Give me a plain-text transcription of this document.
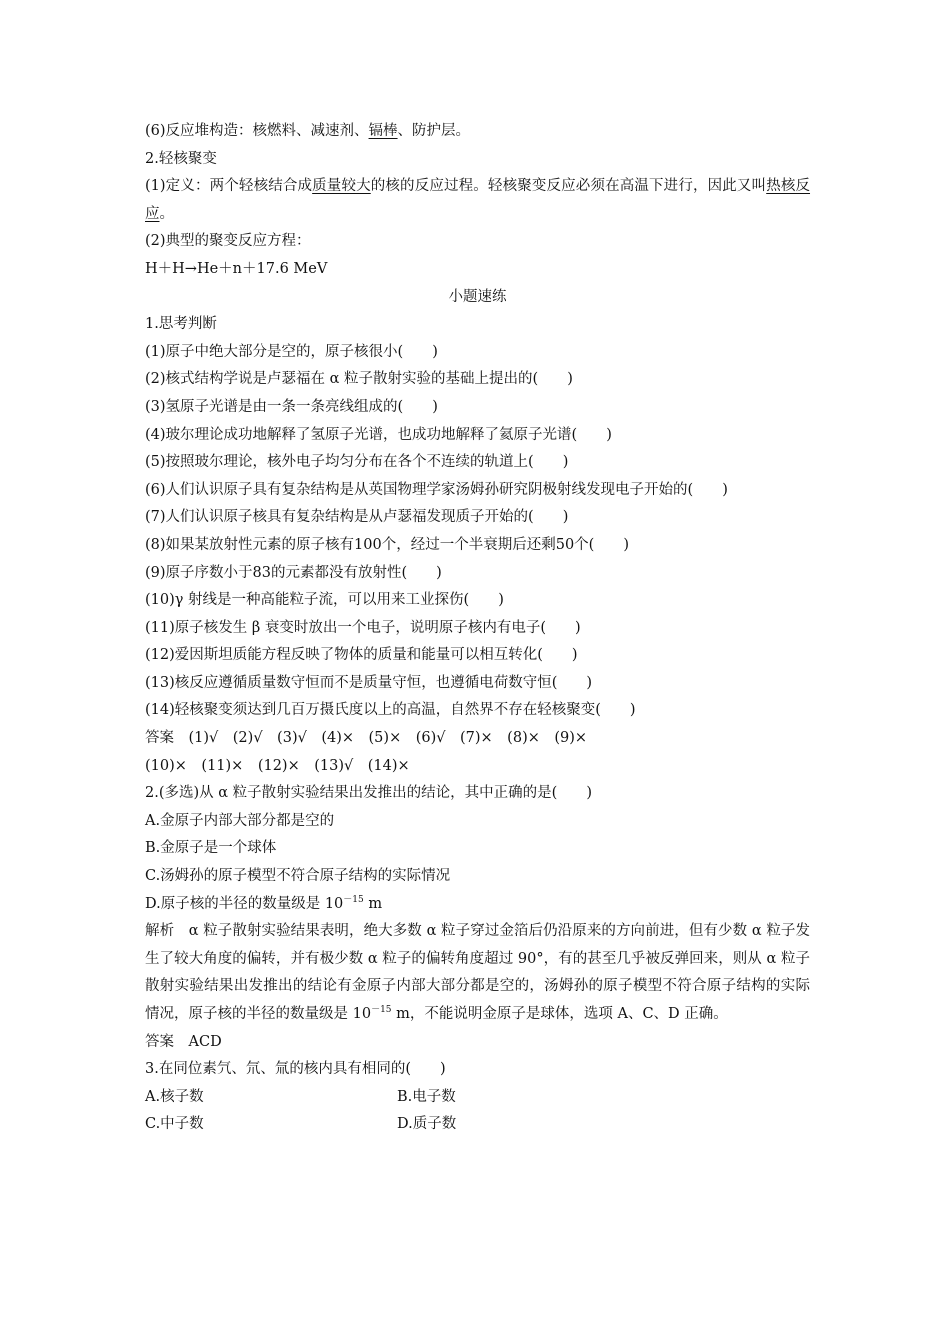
(6)反应堆构造：核燃料、减速剂、镉棒、防护层。
2.轻核聚变
(1)定义：两个轻核结合成质量较大的核的反应过程。轻核聚变反应必须在高温下进行，因此又叫热核反应。
(2)典型的聚变反应方程：
H＋H→He＋n＋17.6 MeV
小题速练
1.思考判断
(1)原子中绝大部分是空的，原子核很小(　　)
(2)核式结构学说是卢瑟福在 α 粒子散射实验的基础上提出的(　　)
(3)氢原子光谱是由一条一条亮线组成的(　　)
(4)玻尔理论成功地解释了氢原子光谱，也成功地解释了氦原子光谱(　　)
(5)按照玻尔理论，核外电子均匀分布在各个不连续的轨道上(　　)
(6)人们认识原子具有复杂结构是从英国物理学家汤姆孙研究阴极射线发现电子开始的(　　)
(7)人们认识原子核具有复杂结构是从卢瑟福发现质子开始的(　　)
(8)如果某放射性元素的原子核有100个，经过一个半衰期后还剩50个(　　)
(9)原子序数小于83的元素都没有放射性(　　)
(10)γ 射线是一种高能粒子流，可以用来工业探伤(　　)
(11)原子核发生 β 衰变时放出一个电子，说明原子核内有电子(　　)
(12)爱因斯坦质能方程反映了物体的质量和能量可以相互转化(　　)
(13)核反应遵循质量数守恒而不是质量守恒，也遵循电荷数守恒(　　)
(14)轻核聚变须达到几百万摄氏度以上的高温，自然界不存在轻核聚变(　　)
答案　(1)√　(2)√　(3)√　(4)×　(5)×　(6)√　(7)×　(8)×　(9)×
(10)×　(11)×　(12)×　(13)√　(14)×
2.(多选)从 α 粒子散射实验结果出发推出的结论，其中正确的是(　　)
A.金原子内部大部分都是空的
B.金原子是一个球体
C.汤姆孙的原子模型不符合原子结构的实际情况
D.原子核的半径的数量级是 $10^{-15}$ m
解析　α 粒子散射实验结果表明，绝大多数 α 粒子穿过金箔后仍沿原来的方向前进，但有少数 α 粒子发生了较大角度的偏转，并有极少数 α 粒子的偏转角度超过 90°，有的甚至几乎被反弹回来，则从 α 粒子散射实验结果出发推出的结论有金原子内部大部分都是空的，汤姆孙的原子模型不符合原子结构的实际情况，原子核的半径的数量级是 $10^{-15}$ m，不能说明金原子是球体，选项 A、C、D 正确。
答案　ACD
3.在同位素氕、氘、氚的核内具有相同的(　　)
A.核子数	B.电子数
C.中子数	D.质子数
